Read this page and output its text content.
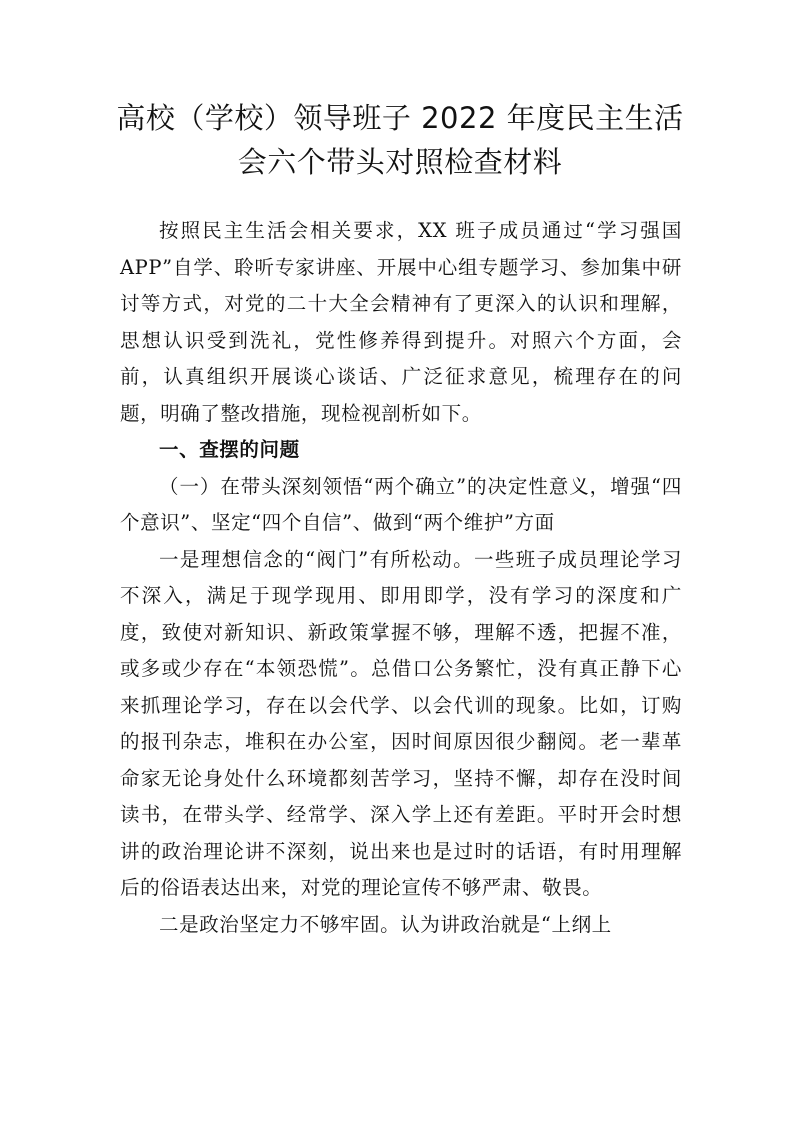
高校（学校）领导班子 2022 年度民主生活
会六个带头对照检查材料

按照民主生活会相关要求，XX 班子成员通过“学习强国 APP”自学、聆听专家讲座、开展中心组专题学习、参加集中研讨等方式，对党的二十大全会精神有了更深入的认识和理解，思想认识受到洗礼，党性修养得到提升。对照六个方面，会前，认真组织开展谈心谈话、广泛征求意见，梳理存在的问题，明确了整改措施，现检视剖析如下。

一、查摆的问题

（一）在带头深刻领悟“两个确立”的决定性意义，增强“四个意识”、坚定“四个自信”、做到“两个维护”方面

一是理想信念的“阀门”有所松动。一些班子成员理论学习不深入，满足于现学现用、即用即学，没有学习的深度和广度，致使对新知识、新政策掌握不够，理解不透，把握不准，或多或少存在“本领恐慌”。总借口公务繁忙，没有真正静下心来抓理论学习，存在以会代学、以会代训的现象。比如，订购的报刊杂志，堆积在办公室，因时间原因很少翻阅。老一辈革命家无论身处什么环境都刻苦学习，坚持不懈，却存在没时间读书，在带头学、经常学、深入学上还有差距。平时开会时想讲的政治理论讲不深刻，说出来也是过时的话语，有时用理解后的俗语表达出来，对党的理论宣传不够严肃、敬畏。

二是政治坚定力不够牢固。认为讲政治就是“上纲上
